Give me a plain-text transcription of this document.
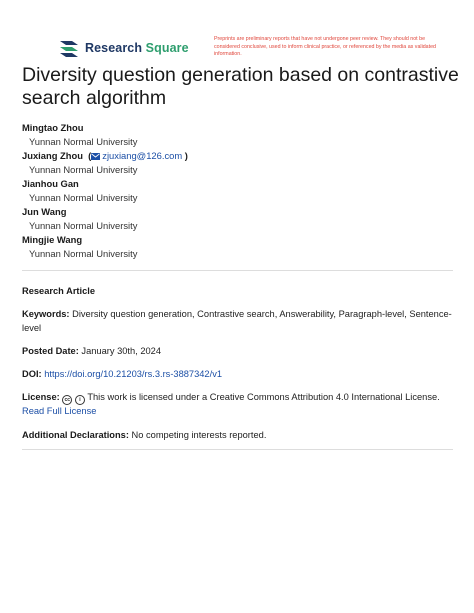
Research Square
Preprints are preliminary reports that have not undergone peer review. They should not be considered conclusive, used to inform clinical practice, or referenced by the media as validated information.
Diversity question generation based on contrastive search algorithm
Mingtao Zhou
Yunnan Normal University
Juxiang Zhou  ( zjuxiang@126.com )
Yunnan Normal University
Jianhou Gan
Yunnan Normal University
Jun Wang
Yunnan Normal University
Mingjie Wang
Yunnan Normal University
Research Article
Keywords: Diversity question generation, Contrastive search, Answerability, Paragraph-level, Sentence-level
Posted Date: January 30th, 2024
DOI: https://doi.org/10.21203/rs.3.rs-3887342/v1
License: cc i This work is licensed under a Creative Commons Attribution 4.0 International License. Read Full License
Additional Declarations: No competing interests reported.
